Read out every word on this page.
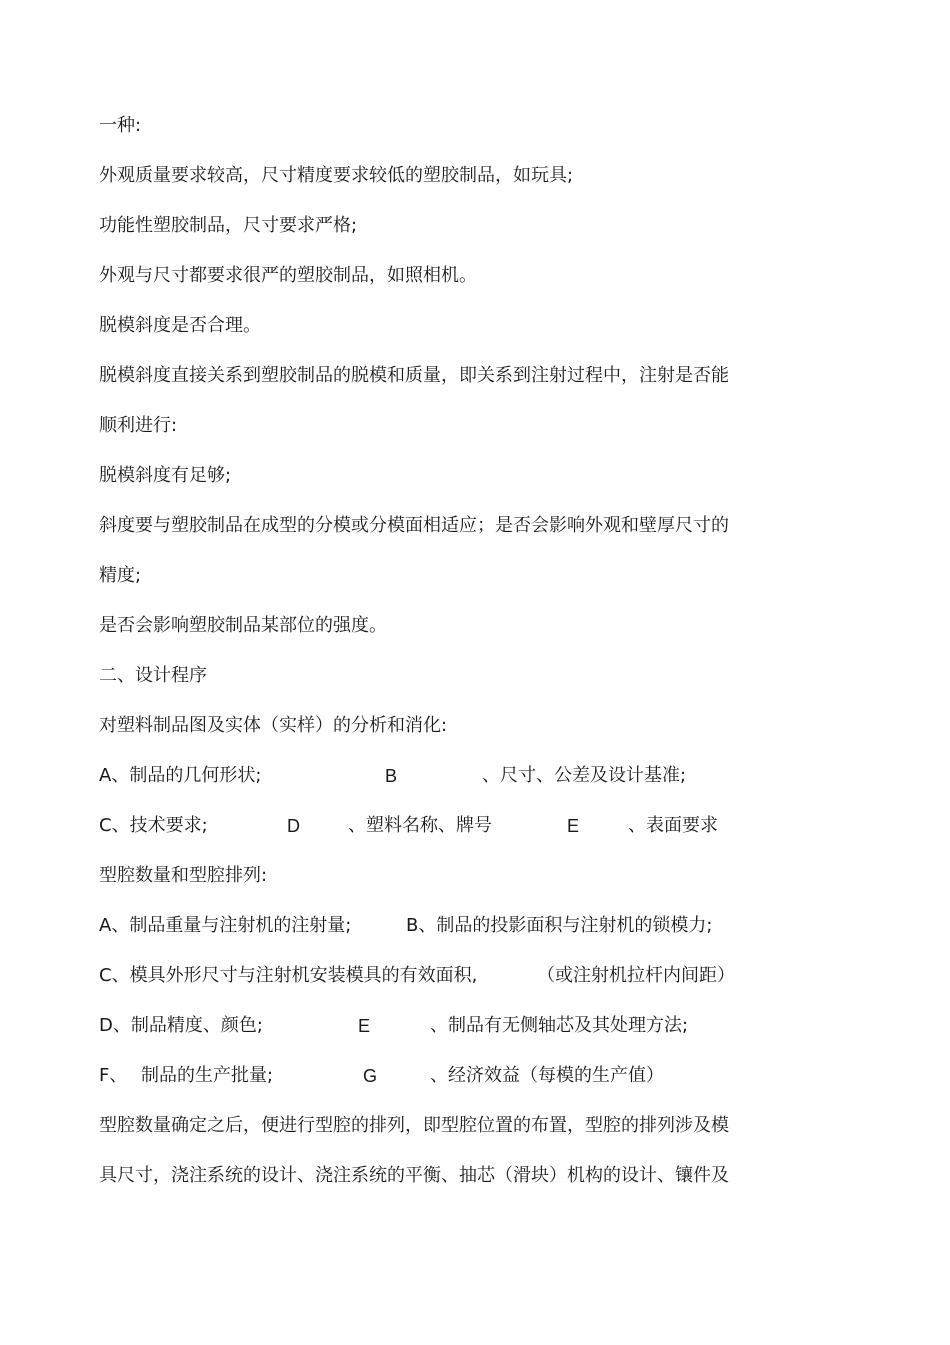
一种:
外观质量要求较高，尺寸精度要求较低的塑胶制品，如玩具;
功能性塑胶制品，尺寸要求严格;
外观与尺寸都要求很严的塑胶制品，如照相机。
脱模斜度是否合理。
脱模斜度直接关系到塑胶制品的脱模和质量，即关系到注射过程中，注射是否能
顺利进行:
脱模斜度有足够;
斜度要与塑胶制品在成型的分模或分模面相适应；是否会影响外观和壁厚尺寸的
精度;
是否会影响塑胶制品某部位的强度。
二、设计程序
对塑料制品图及实体（实样）的分析和消化:
A、制品的几何形状;	B	、尺寸、公差及设计基准;
C、技术要求;	D	、塑料名称、牌号	E	、表面要求
型腔数量和型腔排列:
A、制品重量与注射机的注射量;	B、制品的投影面积与注射机的锁模力;
C、模具外形尺寸与注射机安装模具的有效面积,	（或注射机拉杆内间距）
D、制品精度、颜色;	E	、制品有无侧轴芯及其处理方法;
F、 制品的生产批量;	G	、经济效益（每模的生产值）
型腔数量确定之后，便进行型腔的排列，即型腔位置的布置，型腔的排列涉及模
具尺寸，浇注系统的设计、浇注系统的平衡、抽芯（滑块）机构的设计、镶件及
